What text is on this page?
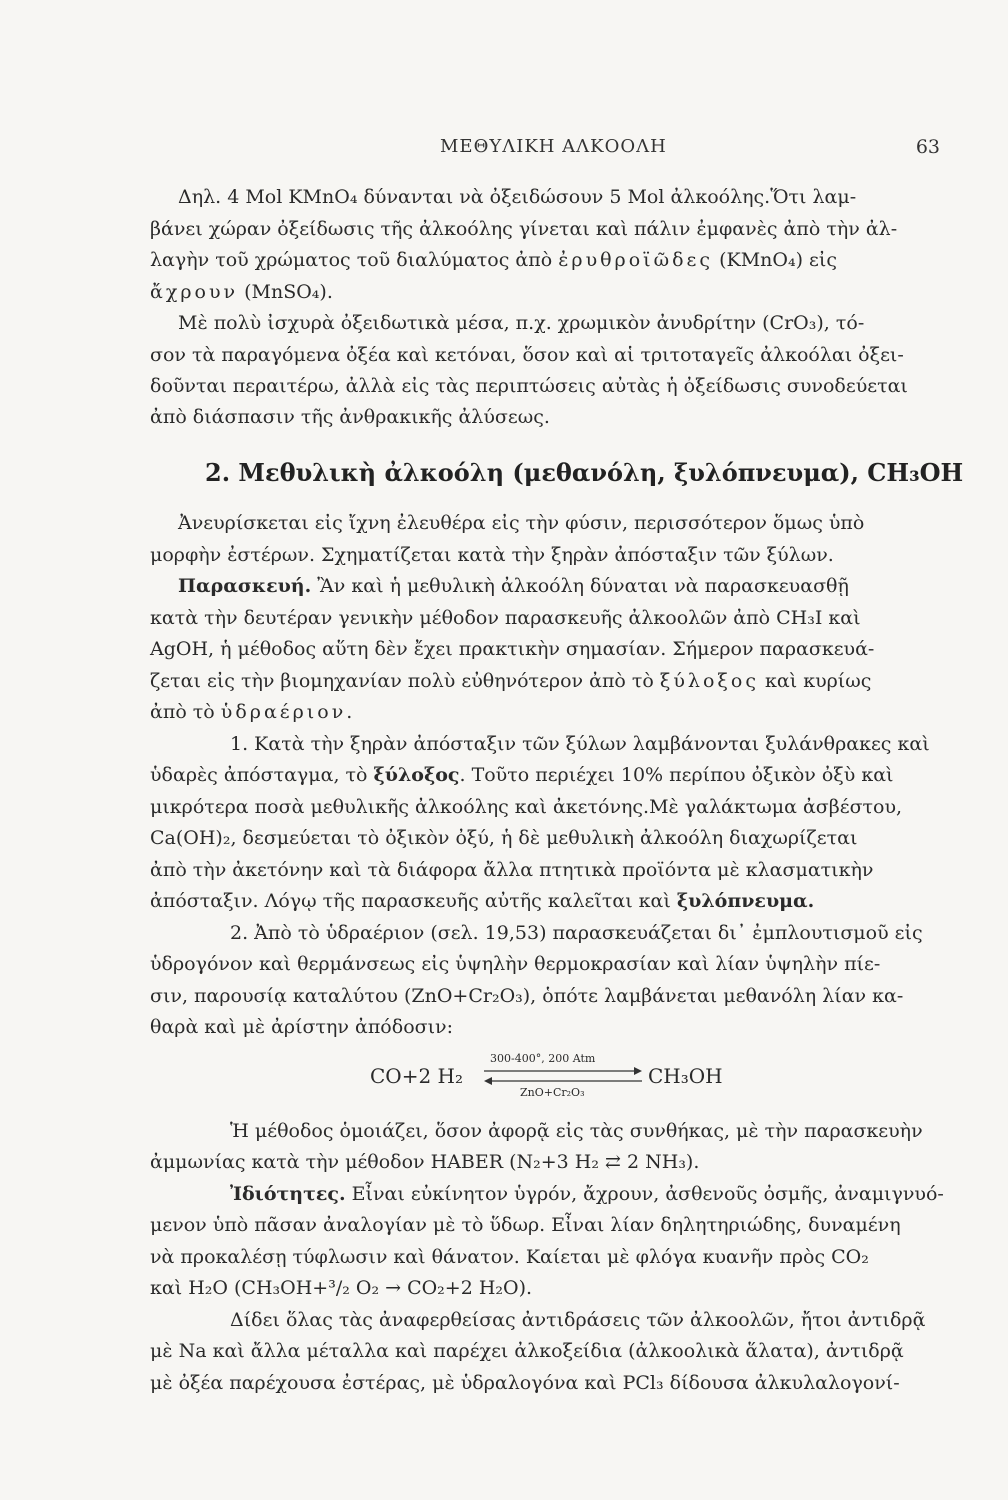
ΜΕΘΥΛΙΚΗ ΑΛΚΟΟΛΗ	63
Δηλ. 4 Mol KMnO₄ δύνανται νὰ ὀξειδώσουν 5 Mol ἀλκοόλης.Ὅτι λαμ-
βάνει χώραν ὀξείδωσις τῆς ἀλκοόλης γίνεται καὶ πάλιν ἐμφανὲς ἀπὸ τὴν ἀλ-
λαγὴν τοῦ χρώματος τοῦ διαλύματος ἀπὸ ἐρυθροϊῶδες (KMnO₄) εἰς
ἄχρουν (MnSO₄).
Μὲ πολὺ ἰσχυρὰ ὀξειδωτικὰ μέσα, π.χ. χρωμικὸν ἀνυδρίτην (CrO₃), τό-
σον τὰ παραγόμενα ὀξέα καὶ κετόναι, ὅσον καὶ αἱ τριτοταγεῖς ἀλκοόλαι ὀξει-
δοῦνται περαιτέρω, ἀλλὰ εἰς τὰς περιπτώσεις αὐτὰς ἡ ὀξείδωσις συνοδεύεται
ἀπὸ διάσπασιν τῆς ἀνθρακικῆς ἀλύσεως.
2. Μεθυλικὴ ἀλκοόλη (μεθανόλη, ξυλόπνευμα), CH₃OH
Ἀνευρίσκεται εἰς ἴχνη ἐλευθέρα εἰς τὴν φύσιν, περισσότερον ὅμως ὑπὸ
μορφὴν ἐστέρων. Σχηματίζεται κατὰ τὴν ξηρὰν ἀπόσταξιν τῶν ξύλων.
Παρασκευή. Ἂν καὶ ἡ μεθυλικὴ ἀλκοόλη δύναται νὰ παρασκευασθῇ
κατὰ τὴν δευτέραν γενικὴν μέθοδον παρασκευῆς ἀλκοολῶν ἀπὸ CH₃I καὶ
AgOH, ἡ μέθοδος αὕτη δὲν ἔχει πρακτικὴν σημασίαν. Σήμερον παρασκευά-
ζεται εἰς τὴν βιομηχανίαν πολὺ εὐθηνότερον ἀπὸ τὸ ξύλοξος καὶ κυρίως
ἀπὸ τὸ ὑδραέριον.
1. Κατὰ τὴν ξηρὰν ἀπόσταξιν τῶν ξύλων λαμβάνονται ξυλάνθρακες καὶ
ὑδαρὲς ἀπόσταγμα, τὸ ξύλοξος. Τοῦτο περιέχει 10% περίπου ὀξικὸν ὀξὺ καὶ
μικρότερα ποσὰ μεθυλικῆς ἀλκοόλης καὶ ἀκετόνης.Μὲ γαλάκτωμα ἀσβέστου,
Ca(OH)₂, δεσμεύεται τὸ ὀξικὸν ὀξύ, ἡ δὲ μεθυλικὴ ἀλκοόλη διαχωρίζεται
ἀπὸ τὴν ἀκετόνην καὶ τὰ διάφορα ἄλλα πτητικὰ προϊόντα μὲ κλασματικὴν
ἀπόσταξιν. Λόγῳ τῆς παρασκευῆς αὐτῆς καλεῖται καὶ ξυλόπνευμα.
2. Ἀπὸ τὸ ὑδραέριον (σελ. 19,53) παρασκευάζεται δι᾽ ἐμπλουτισμοῦ εἰς
ὑδρογόνον καὶ θερμάνσεως εἰς ὑψηλὴν θερμοκρασίαν καὶ λίαν ὑψηλὴν πίε-
σιν, παρουσίᾳ καταλύτου (ZnO+Cr₂O₃), ὁπότε λαμβάνεται μεθανόλη λίαν κα-
θαρὰ καὶ μὲ ἀρίστην ἀπόδοσιν:
300-400°, 200 Atm
CO+2 H₂	CH₃OH
ZnO+Cr₂O₃
Ἡ μέθοδος ὁμοιάζει, ὅσον ἀφορᾷ εἰς τὰς συνθήκας, μὲ τὴν παρασκευὴν
ἀμμωνίας κατὰ τὴν μέθοδον HABER (N₂+3 H₂ ⇄ 2 NH₃).
Ἰδιότητες. Εἶναι εὐκίνητον ὑγρόν, ἄχρουν, ἀσθενοῦς ὀσμῆς, ἀναμιγνυό-
μενον ὑπὸ πᾶσαν ἀναλογίαν μὲ τὸ ὕδωρ. Εἶναι λίαν δηλητηριώδης, δυναμένη
νὰ προκαλέσῃ τύφλωσιν καὶ θάνατον. Καίεται μὲ φλόγα κυανῆν πρὸς CO₂
καὶ H₂O (CH₃OH+³/₂ O₂ → CO₂+2 H₂O).
Δίδει ὅλας τὰς ἀναφερθείσας ἀντιδράσεις τῶν ἀλκοολῶν, ἤτοι ἀντιδρᾷ
μὲ Na καὶ ἄλλα μέταλλα καὶ παρέχει ἀλκοξείδια (ἀλκοολικὰ ἅλατα), ἀντιδρᾷ
μὲ ὀξέα παρέχουσα ἐστέρας, μὲ ὑδραλογόνα καὶ PCl₃ δίδουσα ἀλκυλαλογονί-
